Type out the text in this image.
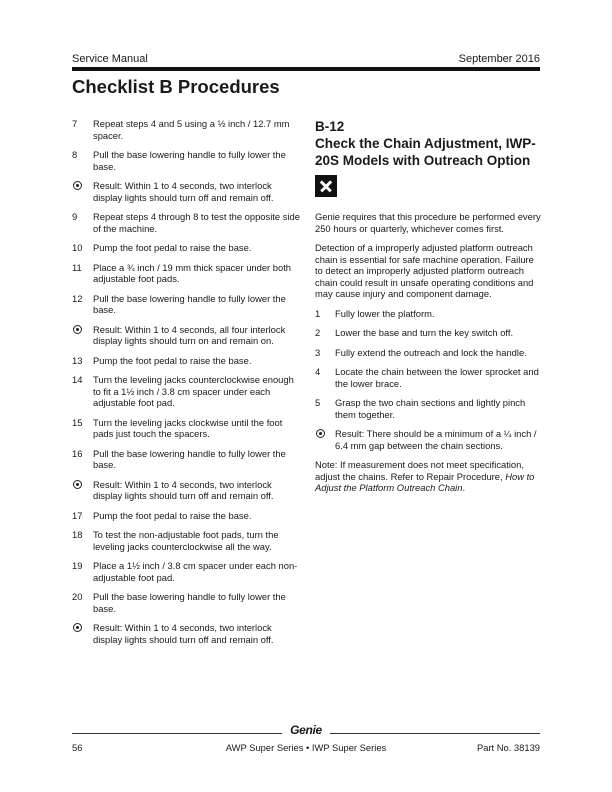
Service Manual	September 2016
Checklist B Procedures
7 Repeat steps 4 and 5 using a ½ inch / 12.7 mm spacer.
8 Pull the base lowering handle to fully lower the base.
Result: Within 1 to 4 seconds, two interlock display lights should turn off and remain off.
9 Repeat steps 4 through 8 to test the opposite side of the machine.
10 Pump the foot pedal to raise the base.
11 Place a ¾ inch / 19 mm thick spacer under both adjustable foot pads.
12 Pull the base lowering handle to fully lower the base.
Result: Within 1 to 4 seconds, all four interlock display lights should turn on and remain on.
13 Pump the foot pedal to raise the base.
14 Turn the leveling jacks counterclockwise enough to fit a 1½ inch / 3.8 cm spacer under each adjustable foot pad.
15 Turn the leveling jacks clockwise until the foot pads just touch the spacers.
16 Pull the base lowering handle to fully lower the base.
Result: Within 1 to 4 seconds, two interlock display lights should turn off and remain off.
17 Pump the foot pedal to raise the base.
18 To test the non-adjustable foot pads, turn the leveling jacks counterclockwise all the way.
19 Place a 1½ inch / 3.8 cm spacer under each non-adjustable foot pad.
20 Pull the base lowering handle to fully lower the base.
Result: Within 1 to 4 seconds, two interlock display lights should turn off and remain off.

B-12

Check the Chain Adjustment, IWP-20S Models with Outreach Option

Genie requires that this procedure be performed every 250 hours or quarterly, whichever comes first.

Detection of a improperly adjusted platform outreach chain is essential for safe machine operation. Failure to detect an improperly adjusted platform outreach chain could result in unsafe operating conditions and may cause injury and component damage.

1 Fully lower the platform.
2 Lower the base and turn the key switch off.
3 Fully extend the outreach and lock the handle.
4 Locate the chain between the lower sprocket and the lower brace.
5 Grasp the two chain sections and lightly pinch them together.
Result: There should be a minimum of a ¼ inch / 6.4 mm gap between the chain sections.

Note: If measurement does not meet specification, adjust the chains. Refer to Repair Procedure, How to Adjust the Platform Outreach Chain.

Genie
56	AWP Super Series • IWP Super Series	Part No. 38139
